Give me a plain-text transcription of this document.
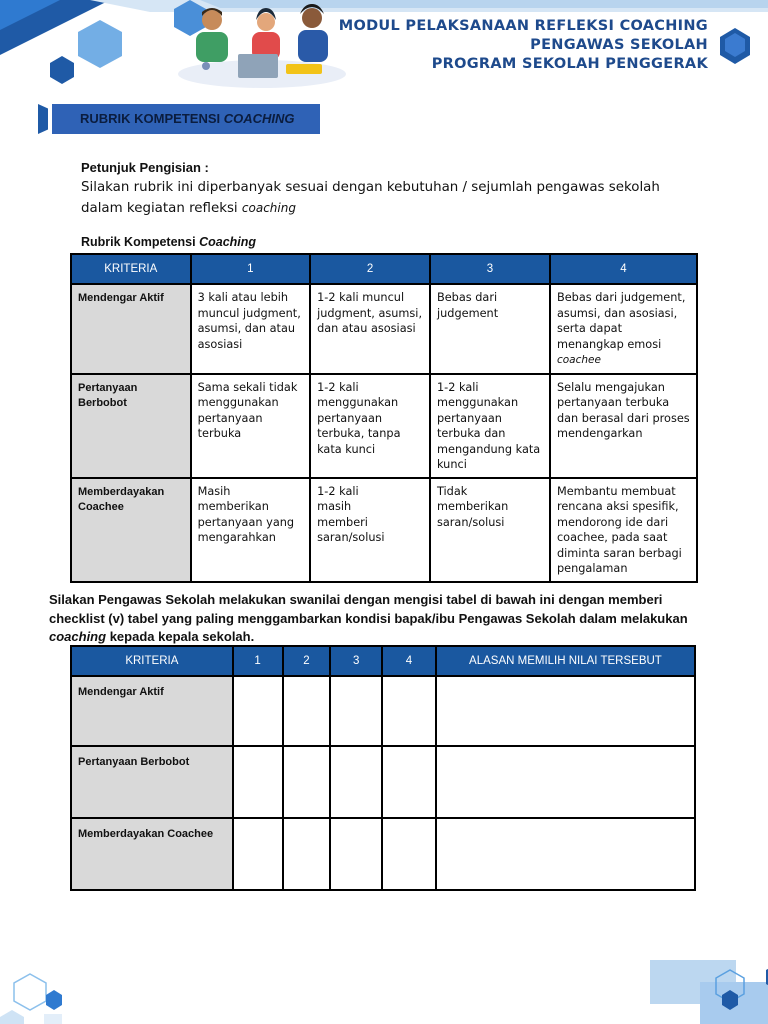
MODUL PELAKSANAAN REFLEKSI COACHING
PENGAWAS SEKOLAH
PROGRAM SEKOLAH PENGGERAK
RUBRIK KOMPETENSI COACHING
Petunjuk Pengisian :
Silakan rubrik ini diperbanyak sesuai dengan kebutuhan / sejumlah pengawas sekolah dalam kegiatan refleksi coaching
Rubrik Kompetensi Coaching
KRITERIA	1	2	3	4
Mendengar Aktif	3 kali atau lebih muncul judgment, asumsi, dan atau asosiasi	1-2 kali muncul judgment, asumsi, dan atau asosiasi	Bebas dari judgement	Bebas dari judgement, asumsi, dan asosiasi, serta dapat menangkap emosi
coachee
Pertanyaan Berbobot	Sama sekali tidak menggunakan pertanyaan terbuka	1-2 kali menggunakan pertanyaan terbuka, tanpa kata kunci	1-2 kali menggunakan pertanyaan terbuka dan mengandung kata kunci	Selalu mengajukan pertanyaan terbuka dan berasal dari proses mendengarkan
Memberdayakan Coachee	Masih memberikan pertanyaan yang mengarahkan	1-2 kali masih memberi saran/solusi	Tidak memberikan saran/solusi	Membantu membuat rencana aksi spesifik, mendorong ide dari coachee, pada saat diminta saran berbagi pengalaman
Silakan Pengawas Sekolah melakukan swanilai dengan mengisi tabel di bawah ini dengan memberi checklist (v) tabel yang paling menggambarkan kondisi bapak/ibu Pengawas Sekolah dalam melakukan coaching kepada kepala sekolah.
KRITERIA	1	2	3	4	ALASAN MEMILIH NILAI TERSEBUT
Mendengar Aktif					
Pertanyaan Berbobot					
Memberdayakan Coachee					
